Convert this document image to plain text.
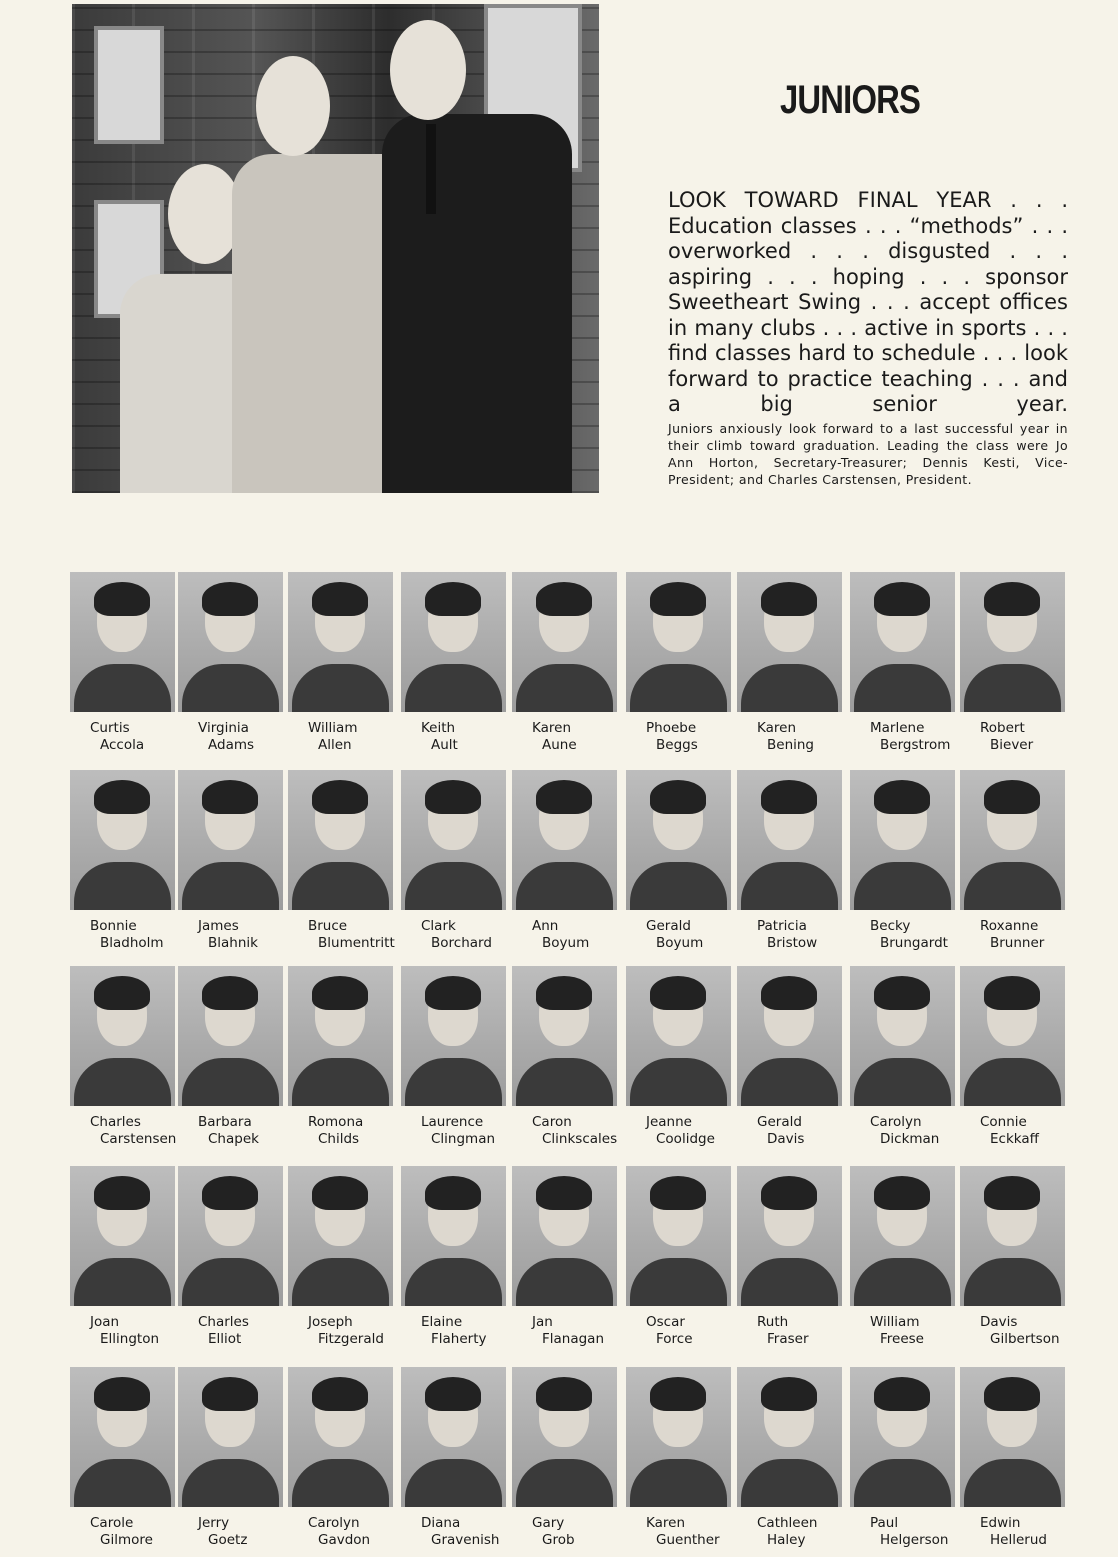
JUNIORS
LOOK TOWARD FINAL YEAR . . . Education classes . . . “methods” . . . overworked . . . disgusted . . . aspiring . . . hoping . . . sponsor Sweetheart Swing . . . accept offices in many clubs . . . active in sports . . . find classes hard to schedule . . . look forward to practice teaching . . . and a big senior year.
Juniors anxiously look forward to a last successful year in their climb toward graduation. Leading the class were Jo Ann Horton, Secretary-Treasurer; Dennis Kesti, Vice-President; and Charles Carstensen, President.
Curtis
Accola
Virginia
Adams
William
Allen
Keith
Ault
Karen
Aune
Phoebe
Beggs
Karen
Bening
Marlene
Bergstrom
Robert
Biever
Bonnie
Bladholm
James
Blahnik
Bruce
Blumentritt
Clark
Borchard
Ann
Boyum
Gerald
Boyum
Patricia
Bristow
Becky
Brungardt
Roxanne
Brunner
Charles
Carstensen
Barbara
Chapek
Romona
Childs
Laurence
Clingman
Caron
Clinkscales
Jeanne
Coolidge
Gerald
Davis
Carolyn
Dickman
Connie
Eckkaff
Joan
Ellington
Charles
Elliot
Joseph
Fitzgerald
Elaine
Flaherty
Jan
Flanagan
Oscar
Force
Ruth
Fraser
William
Freese
Davis
Gilbertson
Carole
Gilmore
Jerry
Goetz
Carolyn
Gavdon
Diana
Gravenish
Gary
Grob
Karen
Guenther
Cathleen
Haley
Paul
Helgerson
Edwin
Hellerud
